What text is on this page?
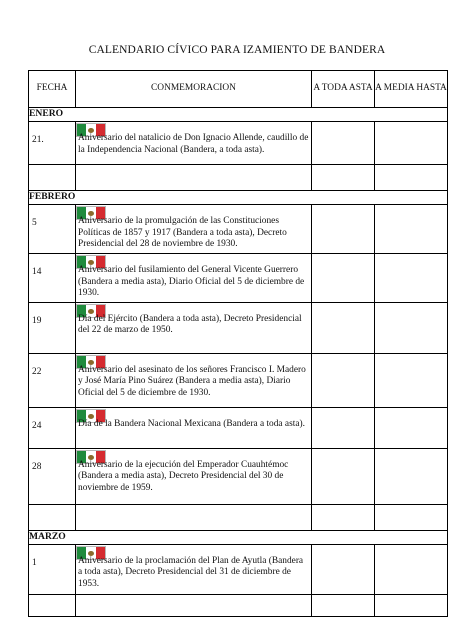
CALENDARIO CÍVICO PARA IZAMIENTO DE BANDERA
FECHA	CONMEMORACION	A TODA ASTA	A MEDIA HASTA
ENERO			
21.	Aniversario del natalicio de Don Ignacio Allende, caudillo de la Independencia Nacional (Bandera, a toda asta).		

FEBRERO			
5	Aniversario de la promulgación de las Constituciones Políticas de 1857 y 1917 (Bandera a toda asta), Decreto Presidencial del 28 de noviembre de 1930.		
14	Aniversario del fusilamiento del General Vicente Guerrero (Bandera a media asta), Diario Oficial del 5 de diciembre de 1930.		
19	Día del Ejército (Bandera a toda asta), Decreto Presidencial del 22 de marzo de 1950.		
22	Aniversario del asesinato de los señores Francisco I. Madero y José María Pino Suárez (Bandera a media asta), Diario Oficial del 5 de diciembre de 1930.		
24	Día de la Bandera Nacional Mexicana (Bandera a toda asta).		
28	Aniversario de la ejecución del Emperador Cuauhtémoc (Bandera a media asta), Decreto Presidencial del 30 de noviembre de 1959.		

MARZO			
1	Aniversario de la proclamación del Plan de Ayutla (Bandera a toda asta), Decreto Presidencial del 31 de diciembre de 1953.		
